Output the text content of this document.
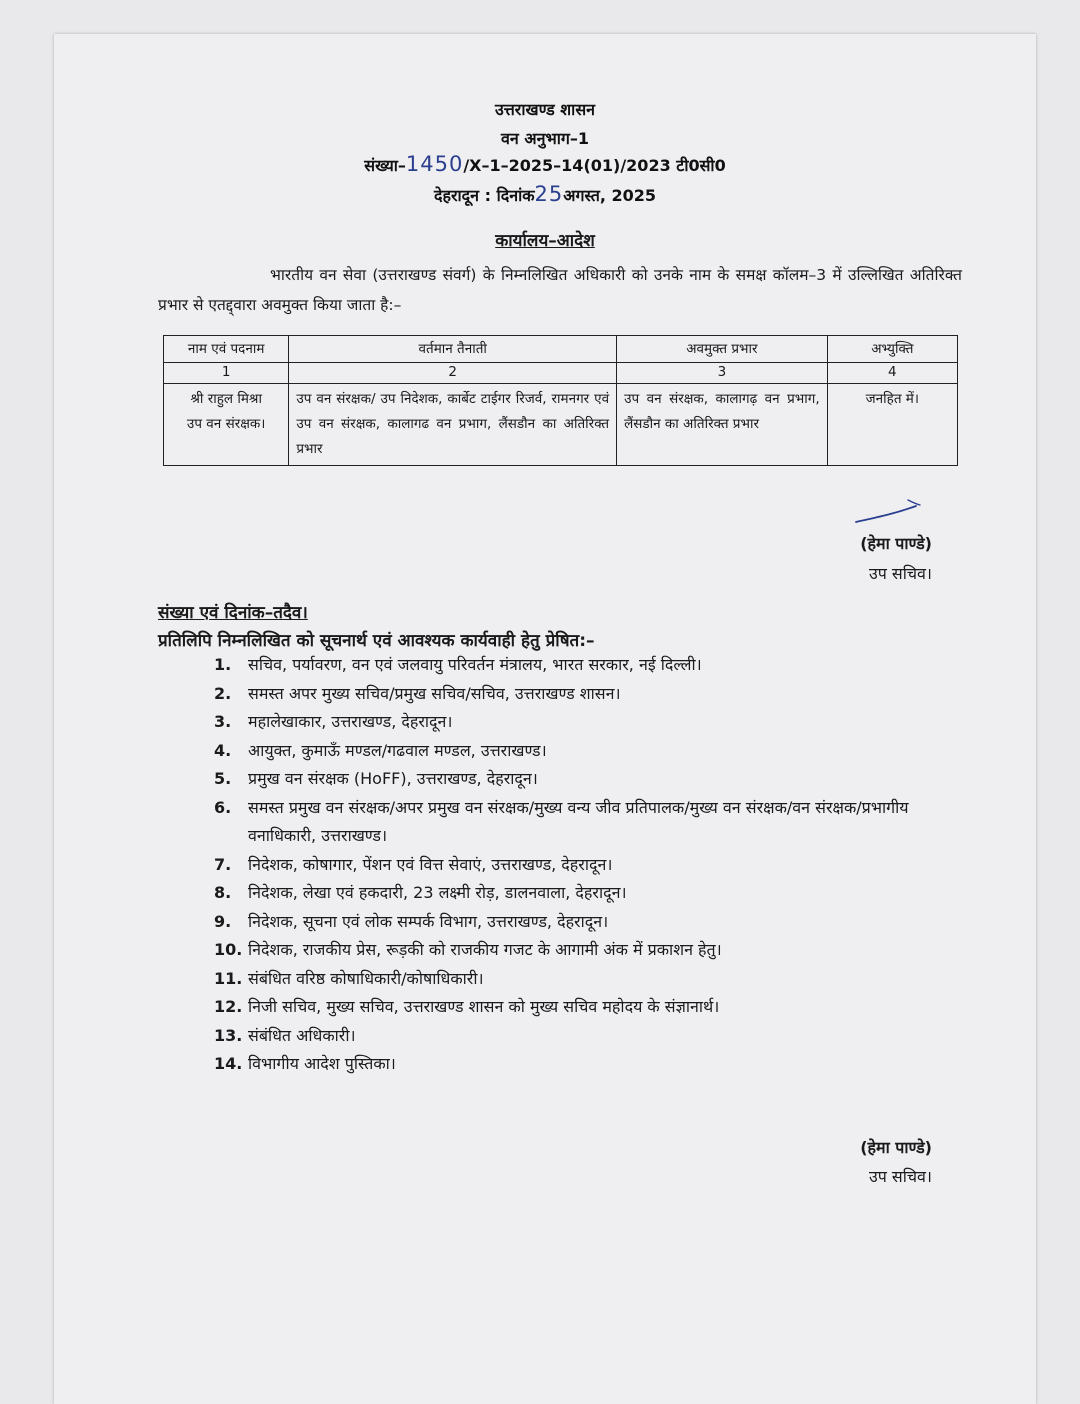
उत्तराखण्ड शासन
वन अनुभाग–1
संख्या–1450/X–1–2025–14(01)/2023 टी0सी0
देहरादून : दिनांक25अगस्त, 2025
कार्यालय–आदेश
भारतीय वन सेवा (उत्तराखण्ड संवर्ग) के निम्नलिखित अधिकारी को उनके नाम के समक्ष कॉलम–3 में उल्लिखित अतिरिक्त प्रभार से एतद्द्वारा अवमुक्त किया जाता है:–
नाम एवं पदनाम	वर्तमान तैनाती	अवमुक्त प्रभार	अभ्युक्ति
1	2	3	4

श्री राहुल मिश्रा
उप वन संरक्षक।	उप वन संरक्षक/ उप निदेशक, कार्बेट टाईगर रिजर्व, रामनगर एवं उप वन संरक्षक, कालागढ वन प्रभाग, लैंसडौन का अतिरिक्त प्रभार	उप वन संरक्षक, कालागढ़ वन प्रभाग, लैंसडौन का अतिरिक्त प्रभार	जनहित में।
(हेमा पाण्डे)
उप सचिव।
संख्या एवं दिनांक–तदैव।
प्रतिलिपि निम्नलिखित को सूचनार्थ एवं आवश्यक कार्यवाही हेतु प्रेषित:–
1.	सचिव, पर्यावरण, वन एवं जलवायु परिवर्तन मंत्रालय, भारत सरकार, नई दिल्ली।
2.	समस्त अपर मुख्य सचिव/प्रमुख सचिव/सचिव, उत्तराखण्ड शासन।
3.	महालेखाकार, उत्तराखण्ड, देहरादून।
4.	आयुक्त, कुमाऊँ मण्डल/गढवाल मण्डल, उत्तराखण्ड।
5.	प्रमुख वन संरक्षक (HoFF), उत्तराखण्ड, देहरादून।
6.	समस्त प्रमुख वन संरक्षक/अपर प्रमुख वन संरक्षक/मुख्य वन्य जीव प्रतिपालक/मुख्य वन संरक्षक/वन संरक्षक/प्रभागीय वनाधिकारी, उत्तराखण्ड।
7.	निदेशक, कोषागार, पेंशन एवं वित्त सेवाएं, उत्तराखण्ड, देहरादून।
8.	निदेशक, लेखा एवं हकदारी, 23 लक्ष्मी रोड़, डालनवाला, देहरादून।
9.	निदेशक, सूचना एवं लोक सम्पर्क विभाग, उत्तराखण्ड, देहरादून।
10. निदेशक, राजकीय प्रेस, रूड़की को राजकीय गजट के आगामी अंक में प्रकाशन हेतु।
11. संबंधित वरिष्ठ कोषाधिकारी/कोषाधिकारी।
12. निजी सचिव, मुख्य सचिव, उत्तराखण्ड शासन को मुख्य सचिव महोदय के संज्ञानार्थ।
13. संबंधित अधिकारी।
14. विभागीय आदेश पुस्तिका।
(हेमा पाण्डे)
उप सचिव।
